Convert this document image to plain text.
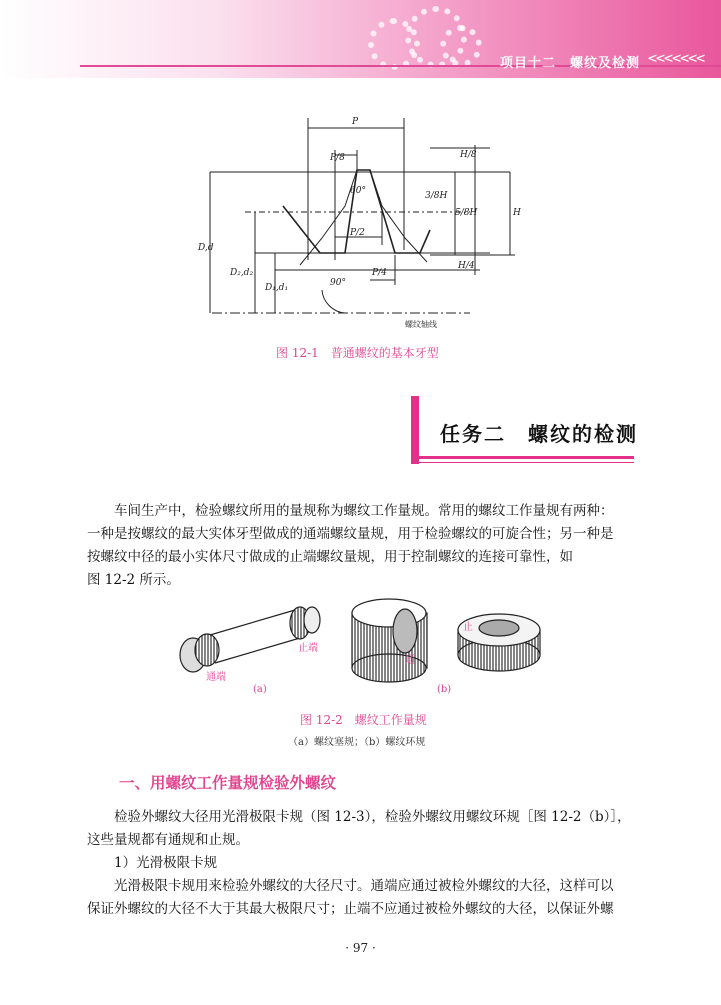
项目十二　螺纹及检测 <<<<<<<
P
P/8
60°
P/2
P/4
90°
H/8
3/8H
5/8H	H
H/4
D,d
D₂,d₂
D₁,d₁
螺纹轴线
图 12-1　普通螺纹的基本牙型
任务二　螺纹的检测
车间生产中，检验螺纹所用的量规称为螺纹工作量规。常用的螺纹工作量规有两种：
一种是按螺纹的最大实体牙型做成的通端螺纹量规，用于检验螺纹的可旋合性；另一种是
按螺纹中径的最小实体尺寸做成的止端螺纹量规，用于控制螺纹的连接可靠性，如
图 12-2 所示。
止端
通端
通
止
(a)	(b)
图 12-2　螺纹工作量规
（a）螺纹塞规；（b）螺纹环规
一、用螺纹工作量规检验外螺纹
检验外螺纹大径用光滑极限卡规（图 12-3），检验外螺纹用螺纹环规［图 12-2（b）］，
这些量规都有通规和止规。
1）光滑极限卡规
光滑极限卡规用来检验外螺纹的大径尺寸。通端应通过被检外螺纹的大径，这样可以
保证外螺纹的大径不大于其最大极限尺寸；止端不应通过被检外螺纹的大径，以保证外螺
· 97 ·
